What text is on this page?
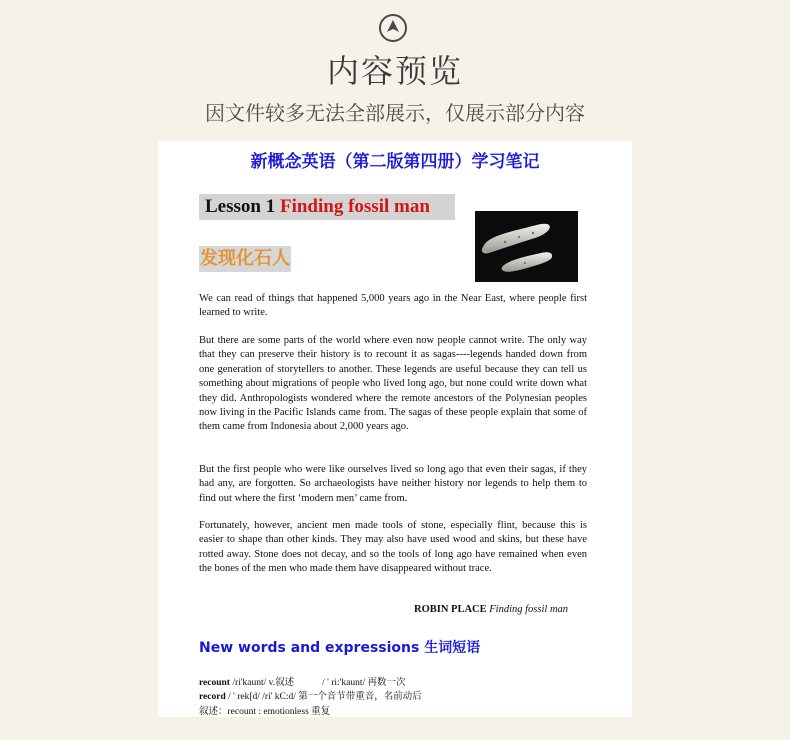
内容预览
因文件较多无法全部展示，仅展示部分内容
新概念英语（第二版第四册）学习笔记
Lesson 1 Finding fossil man
发现化石人

We can read of things that happened 5,000 years ago in the Near East, where people first learned to write.

But there are some parts of the world where even now people cannot write. The only way that they can preserve their history is to recount it as sagas----legends handed down from one generation of storytellers to another. These legends are useful because they can tell us something about migrations of people who lived long ago, but none could write down what they did. Anthropologists wondered where the remote ancestors of the Polynesian peoples now living in the Pacific Islands came from. The sagas of these people explain that some of them came from Indonesia about 2,000 years ago.

But the first people who were like ourselves lived so long ago that even their sagas, if they had any, are forgotten. So archaeologists have neither history nor legends to help them to find out where the first ‘modern men’ came from.

Fortunately, however, ancient men made tools of stone, especially flint, because this is easier to shape than other kinds. They may also have used wood and skins, but these have rotted away. Stone does not decay, and so the tools of long ago have remained when even the bones of the men who made them have disappeared without trace.

ROBIN PLACE Finding fossil man
New words and expressions 生词短语
recount /ri'kaunt/ v.叙述	/ ' ri:'kaunt/ 再数一次
record / ' rek[d/ /ri' kC:d/ 第一个音节带重音，名前动后
叙述：recount : emotionless 重复
